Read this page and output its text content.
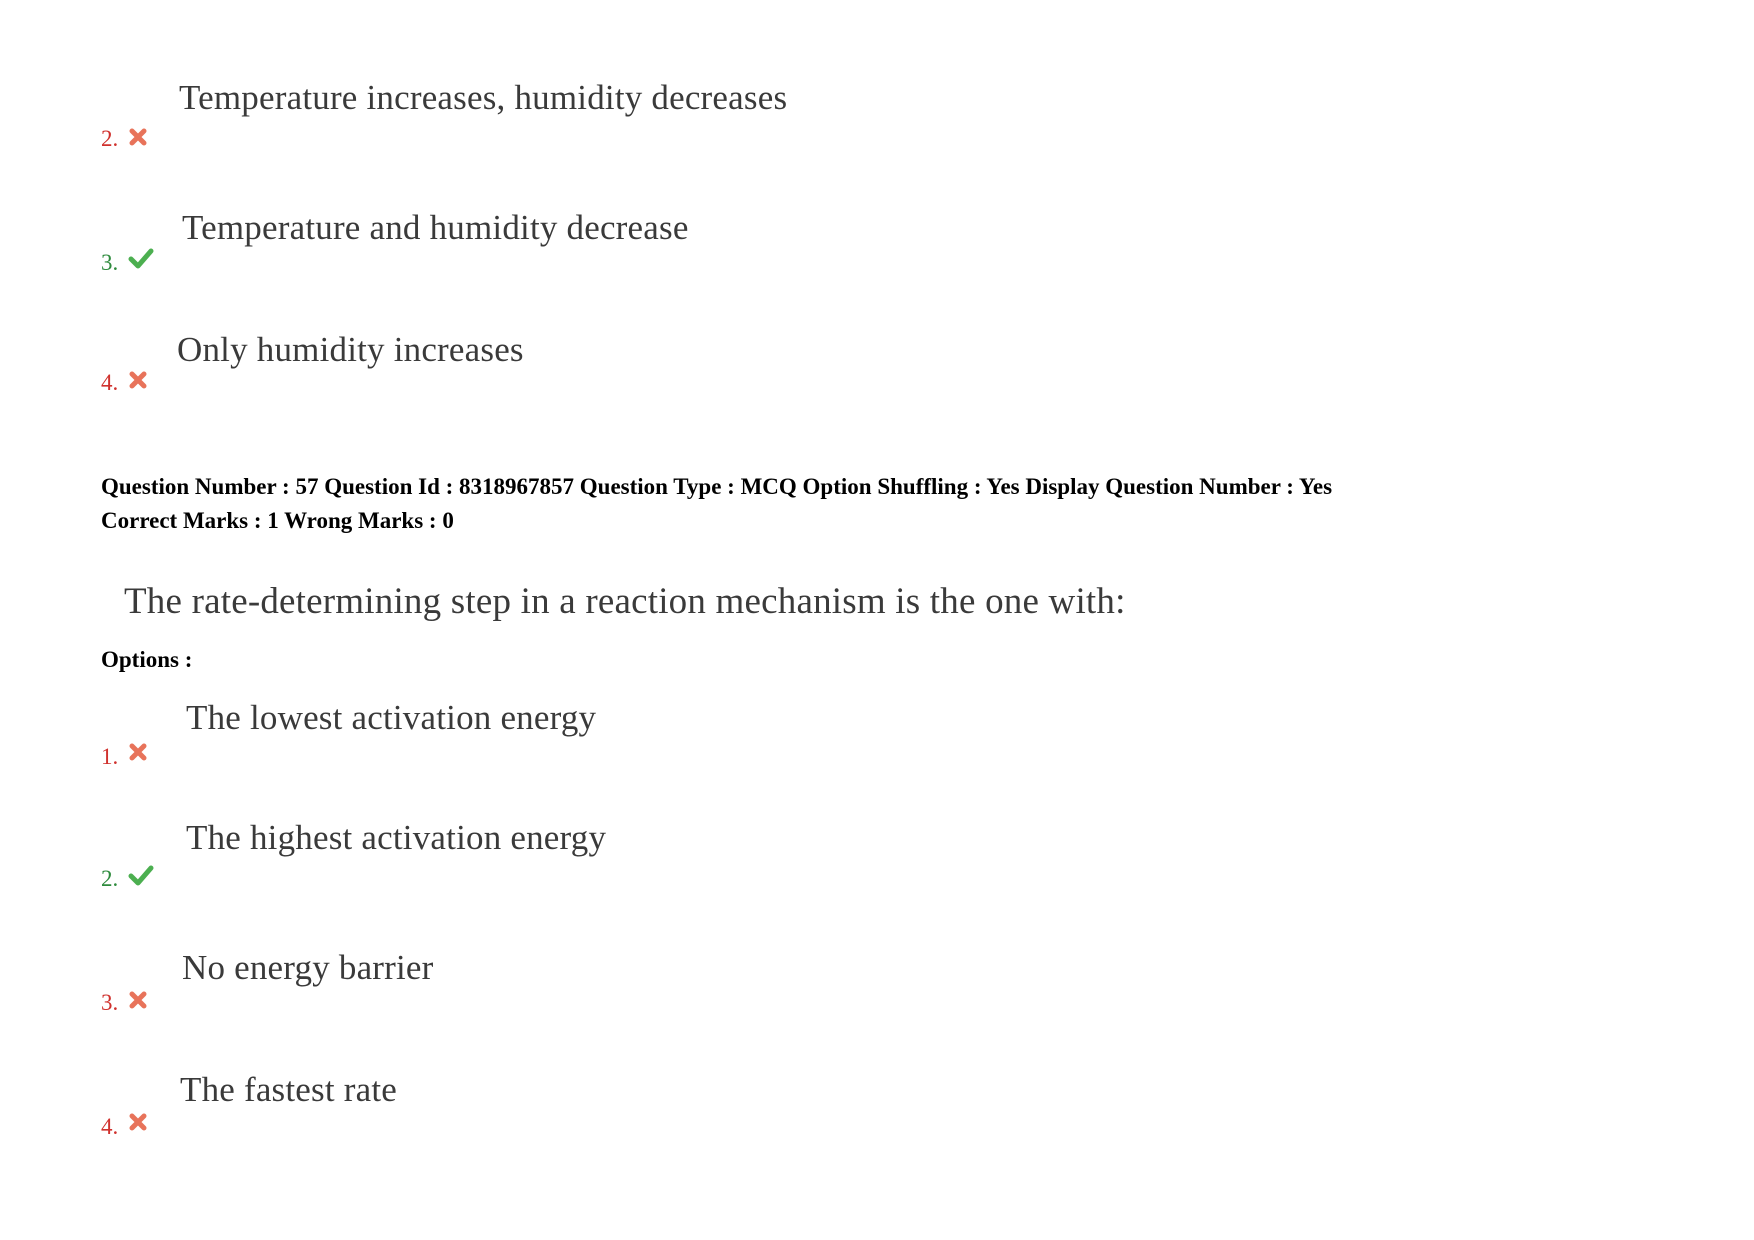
Temperature increases, humidity decreases
2.
Temperature and humidity decrease
3.
Only humidity increases
4.
Question Number : 57 Question Id : 8318967857 Question Type : MCQ Option Shuffling : Yes Display Question Number : Yes
Correct Marks : 1 Wrong Marks : 0
The rate-determining step in a reaction mechanism is the one with:
Options :
The lowest activation energy
1.
The highest activation energy
2.
No energy barrier
3.
The fastest rate
4.
